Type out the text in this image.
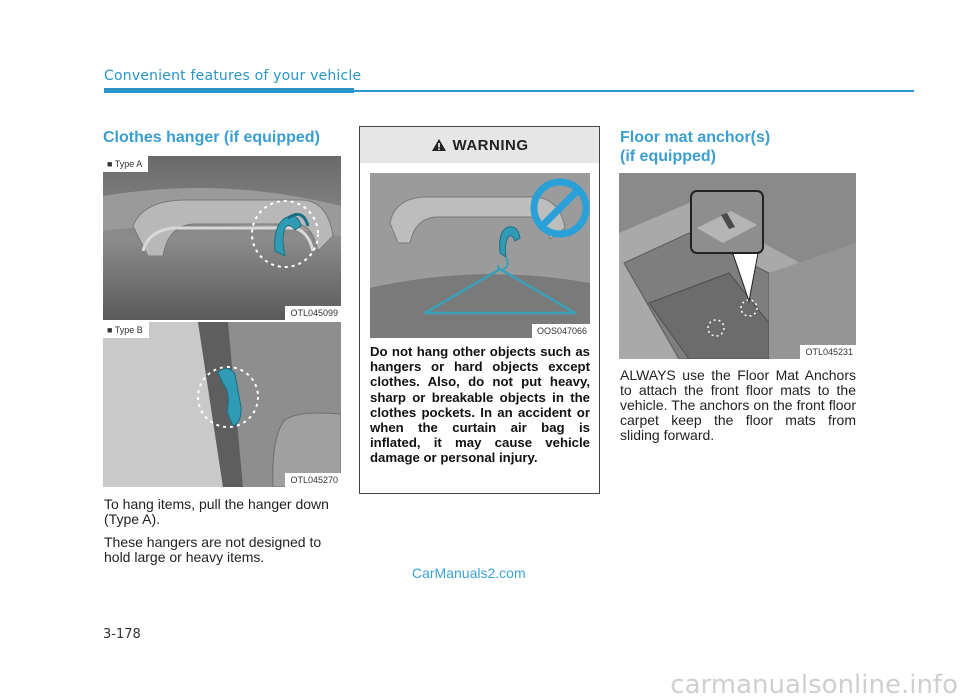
Convenient features of your vehicle
Clothes hanger (if equipped)
■ Type A
OTL045099
■ Type B
OTL045270

To hang items, pull the hanger down (Type A).

These hangers are not designed to hold large or heavy items.

WARNING
OOS047066

Do not hang other objects such as hangers or hard objects except clothes. Also, do not put heavy, sharp or breakable objects in the clothes pockets. In an accident or when the curtain air bag is inflated, it may cause vehicle damage or personal injury.

Floor mat anchor(s)
(if equipped)
OTL045231

ALWAYS use the Floor Mat Anchors to attach the front floor mats to the vehicle. The anchors on the front floor carpet keep the floor mats from sliding forward.

CarManuals2.com
3-178
carmanualsonline.info
